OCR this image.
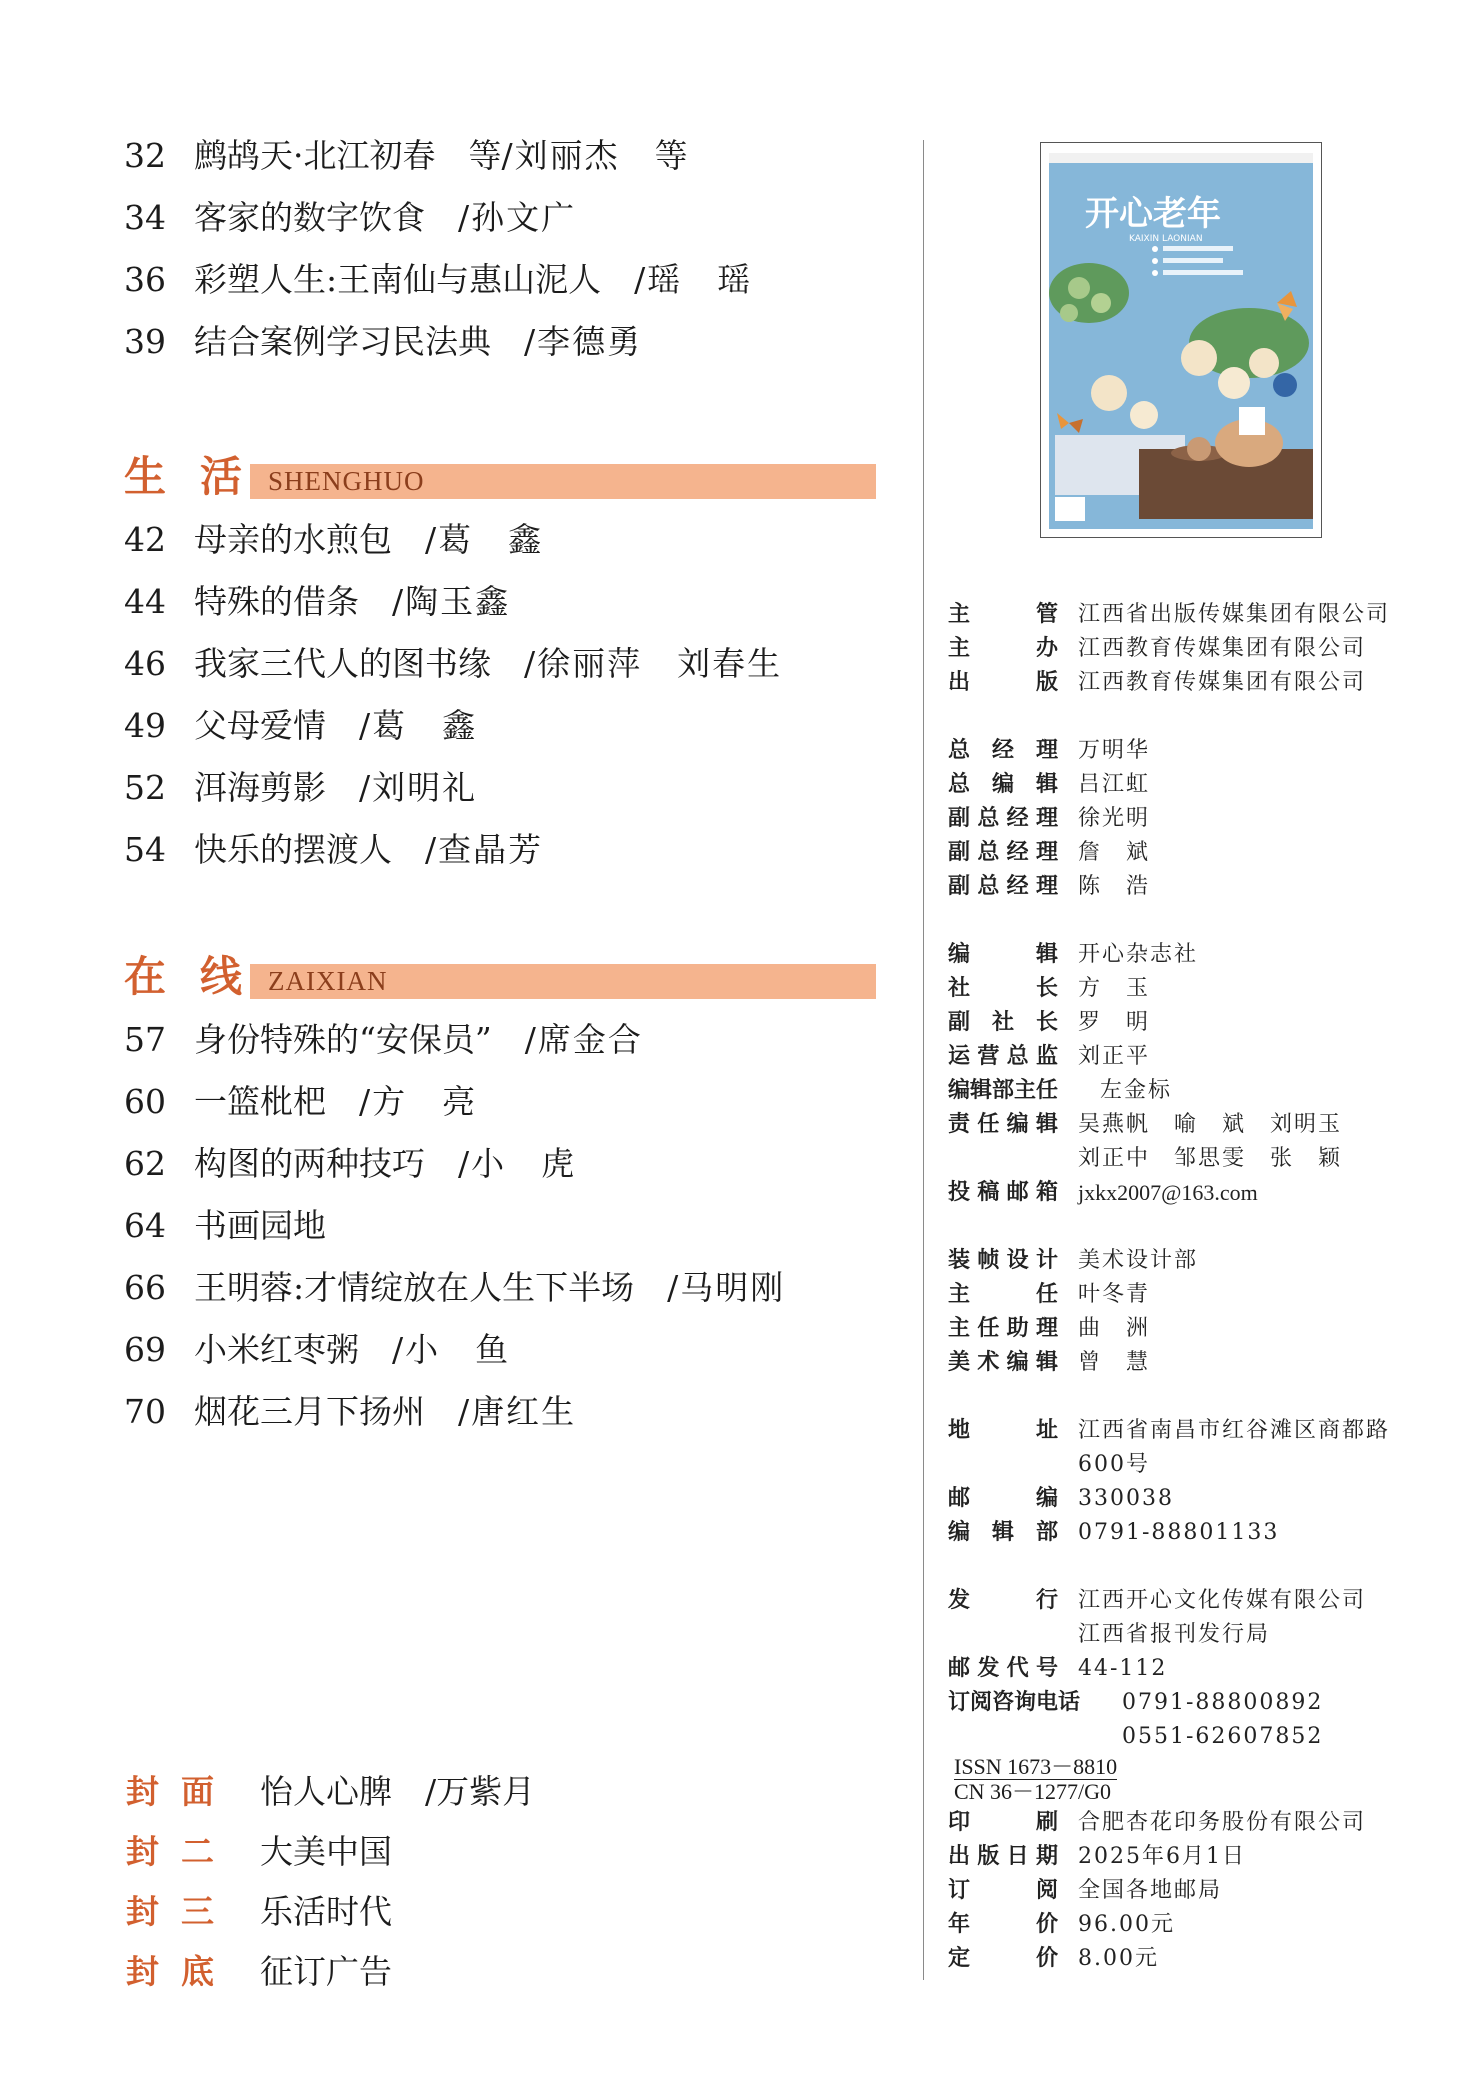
32 鹧鸪天·北江初春　等/刘丽杰　等
34 客家的数字饮食　 /孙文广
36 彩塑人生:王南仙与惠山泥人　 /瑶　瑶
39 结合案例学习民法典　 /李德勇
生活
SHENGHUO
42 母亲的水煎包　 /葛　鑫
44 特殊的借条　 /陶玉鑫
46 我家三代人的图书缘　 /徐丽萍　刘春生
49 父母爱情　 /葛　鑫
52 洱海剪影　 /刘明礼
54 快乐的摆渡人　 /查晶芳
在线
ZAIXIAN
57 身份特殊的“安保员”　 /席金合
60 一篮枇杷　 /方　亮
62 构图的两种技巧　 /小　虎
64 书画园地
66 王明蓉:才情绽放在人生下半场　 /马明刚
69 小米红枣粥　 /小　鱼
70 烟花三月下扬州　 /唐红生
封面 怡人心脾　 /万紫月
封二 大美中国
封三 乐活时代
封底 征订广告
开心老年
KAIXIN LAONIAN
主管 江西省出版传媒集团有限公司
主办 江西教育传媒集团有限公司
出版 江西教育传媒集团有限公司
总经理 万明华
总编辑 吕江虹
副总经理 徐光明
副总经理 詹　斌
副总经理 陈　浩
编辑 开心杂志社
社长 方　玉
副社长 罗　明
运营总监 刘正平
编辑部主任 左金标
责任编辑 吴燕帆　喻　斌　刘明玉
刘正中　邹思雯　张　颖
投稿邮箱 jxkx2007@163.com
装帧设计 美术设计部
主任 叶冬青
主任助理 曲　洲
美术编辑 曾　慧
地址 江西省南昌市红谷滩区商都路
600号
邮编 330038
编辑部 0791-88801133
发行 江西开心文化传媒有限公司
江西省报刊发行局
邮发代号 44-112
订阅咨询电话 0791-88800892
0551-62607852
ISSN 1673－8810
CN 36－1277/G0
印刷 合肥杏花印务股份有限公司
出版日期 2025年6月1日
订阅 全国各地邮局
年价 96.00元
定价 8.00元
